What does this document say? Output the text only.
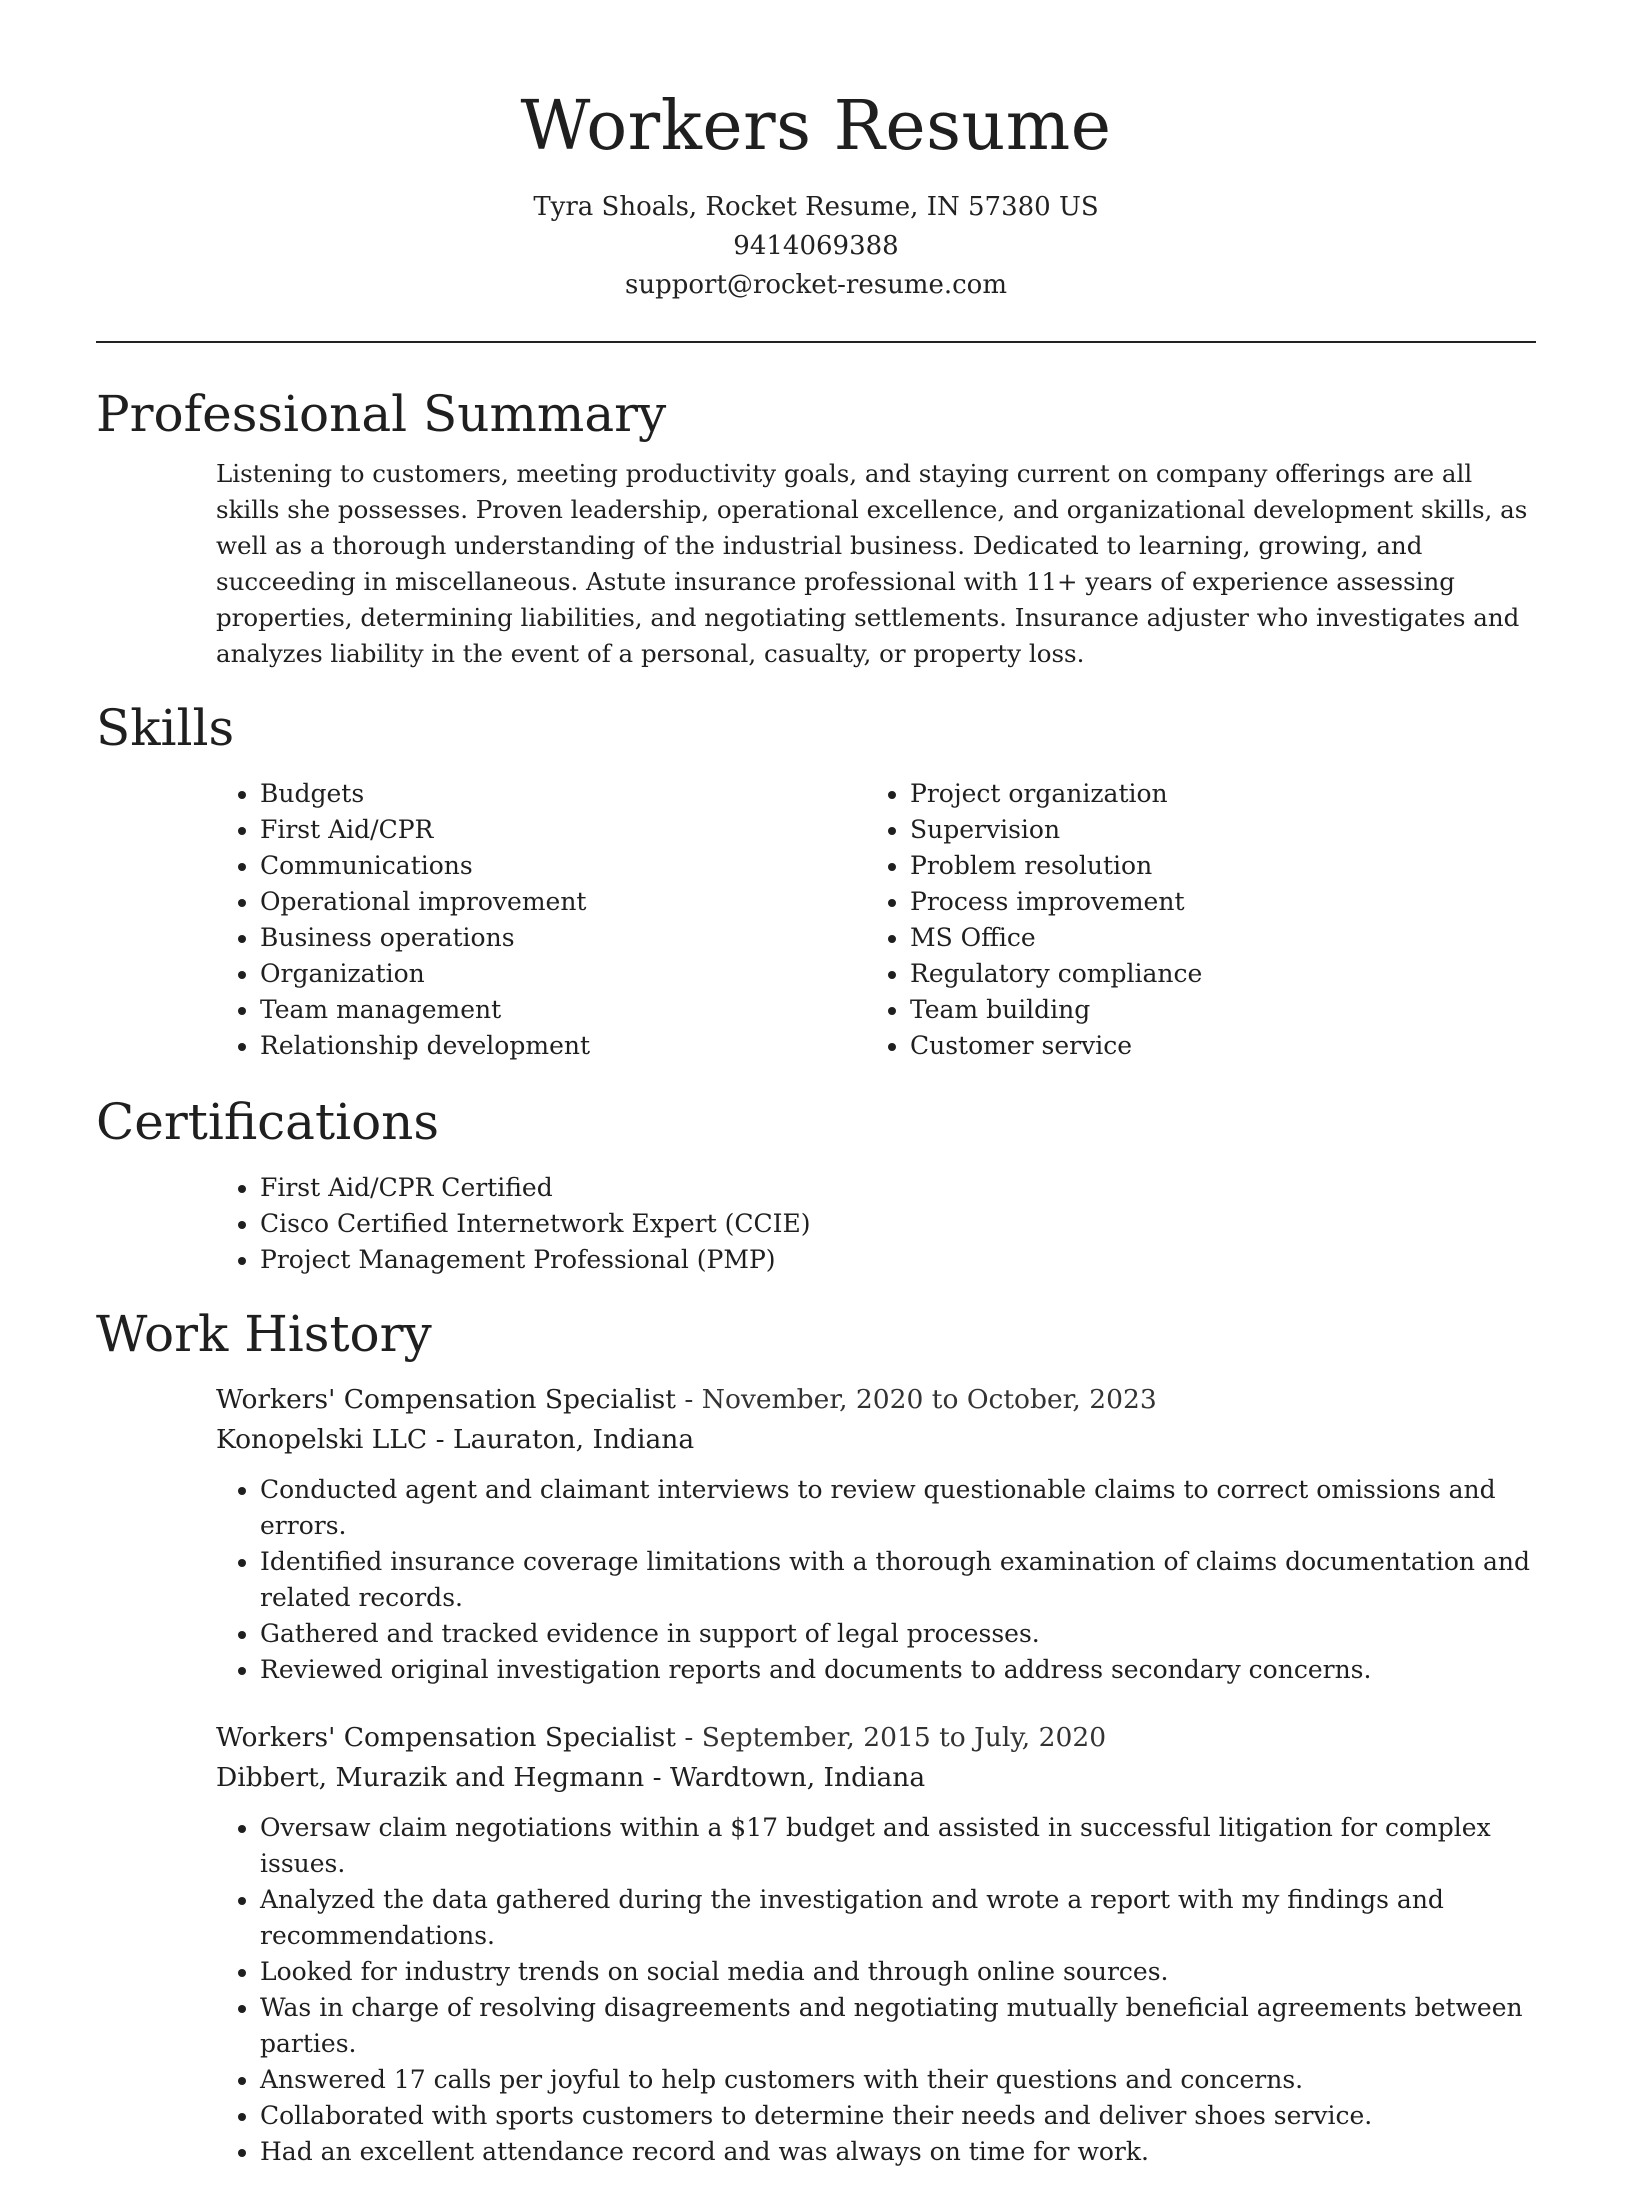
Workers Resume
Tyra Shoals, Rocket Resume, IN 57380 US
9414069388
support@rocket-resume.com
Professional Summary

Listening to customers, meeting productivity goals, and staying current on company offerings are all skills she possesses. Proven leadership, operational excellence, and organizational development skills, as well as a thorough understanding of the industrial business. Dedicated to learning, growing, and succeeding in miscellaneous. Astute insurance professional with 11+ years of experience assessing properties, determining liabilities, and negotiating settlements. Insurance adjuster who investigates and analyzes liability in the event of a personal, casualty, or property loss.

Skills
• Budgets
• First Aid/CPR
• Communications
• Operational improvement
• Business operations
• Organization
• Team management
• Relationship development
• Project organization
• Supervision
• Problem resolution
• Process improvement
• MS Office
• Regulatory compliance
• Team building
• Customer service
Certifications
• First Aid/CPR Certified
• Cisco Certified Internetwork Expert (CCIE)
• Project Management Professional (PMP)
Work History
Workers' Compensation Specialist - November, 2020 to October, 2023
Konopelski LLC - Lauraton, Indiana
• Conducted agent and claimant interviews to review questionable claims to correct omissions and errors.
• Identified insurance coverage limitations with a thorough examination of claims documentation and related records.
• Gathered and tracked evidence in support of legal processes.
• Reviewed original investigation reports and documents to address secondary concerns.
Workers' Compensation Specialist - September, 2015 to July, 2020
Dibbert, Murazik and Hegmann - Wardtown, Indiana
• Oversaw claim negotiations within a $17 budget and assisted in successful litigation for complex issues.
• Analyzed the data gathered during the investigation and wrote a report with my findings and recommendations.
• Looked for industry trends on social media and through online sources.
• Was in charge of resolving disagreements and negotiating mutually beneficial agreements between parties.
• Answered 17 calls per joyful to help customers with their questions and concerns.
• Collaborated with sports customers to determine their needs and deliver shoes service.
• Had an excellent attendance record and was always on time for work.
